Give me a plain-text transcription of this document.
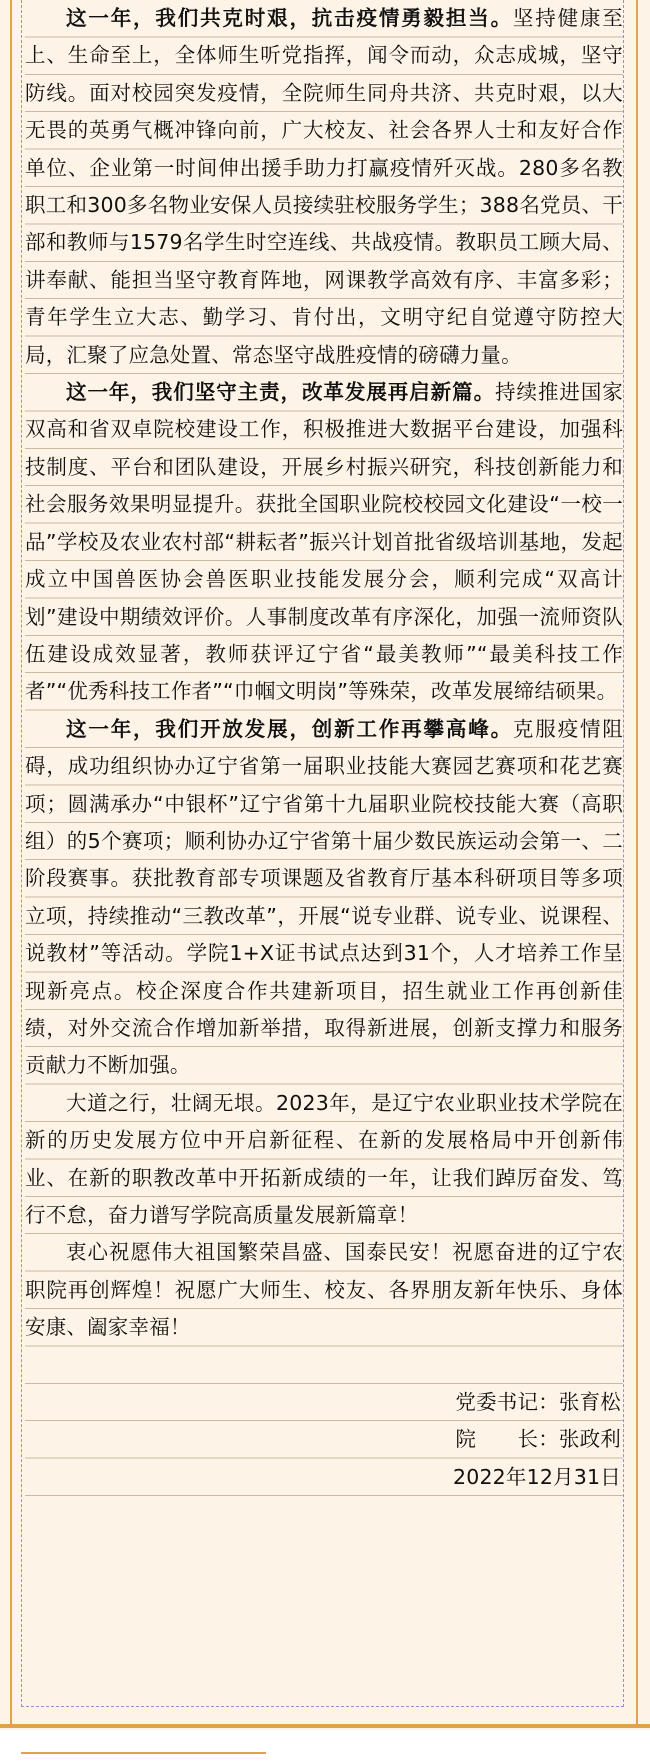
这一年，我们共克时艰，抗击疫情勇毅担当。坚持健康至上、生命至上，全体师生听党指挥，闻令而动，众志成城，坚守防线。面对校园突发疫情，全院师生同舟共济、共克时艰，以大无畏的英勇气概冲锋向前，广大校友、社会各界人士和友好合作单位、企业第一时间伸出援手助力打赢疫情歼灭战。280多名教职工和300多名物业安保人员接续驻校服务学生；388名党员、干部和教师与1579名学生时空连线、共战疫情。教职员工顾大局、讲奉献、能担当坚守教育阵地，网课教学高效有序、丰富多彩；青年学生立大志、勤学习、肯付出，文明守纪自觉遵守防控大局，汇聚了应急处置、常态坚守战胜疫情的磅礴力量。

这一年，我们坚守主责，改革发展再启新篇。持续推进国家双高和省双卓院校建设工作，积极推进大数据平台建设，加强科技制度、平台和团队建设，开展乡村振兴研究，科技创新能力和社会服务效果明显提升。获批全国职业院校校园文化建设“一校一品”学校及农业农村部“耕耘者”振兴计划首批省级培训基地，发起成立中国兽医协会兽医职业技能发展分会，顺利完成“双高计划”建设中期绩效评价。人事制度改革有序深化，加强一流师资队伍建设成效显著，教师获评辽宁省“最美教师”“最美科技工作者”“优秀科技工作者”“巾帼文明岗”等殊荣，改革发展缔结硕果。

这一年，我们开放发展，创新工作再攀高峰。克服疫情阻碍，成功组织协办辽宁省第一届职业技能大赛园艺赛项和花艺赛项；圆满承办“中银杯”辽宁省第十九届职业院校技能大赛（高职组）的5个赛项；顺利协办辽宁省第十届少数民族运动会第一、二阶段赛事。获批教育部专项课题及省教育厅基本科研项目等多项立项，持续推动“三教改革”，开展“说专业群、说专业、说课程、说教材”等活动。学院1+X证书试点达到31个，人才培养工作呈现新亮点。校企深度合作共建新项目，招生就业工作再创新佳绩，对外交流合作增加新举措，取得新进展，创新支撑力和服务贡献力不断加强。

大道之行，壮阔无垠。2023年，是辽宁农业职业技术学院在新的历史发展方位中开启新征程、在新的发展格局中开创新伟业、在新的职教改革中开拓新成绩的一年，让我们踔厉奋发、笃行不怠，奋力谱写学院高质量发展新篇章！

衷心祝愿伟大祖国繁荣昌盛、国泰民安！祝愿奋进的辽宁农职院再创辉煌！祝愿广大师生、校友、各界朋友新年快乐、身体安康、阖家幸福！

党委书记：张育松
院　　长：张政利
2022年12月31日
